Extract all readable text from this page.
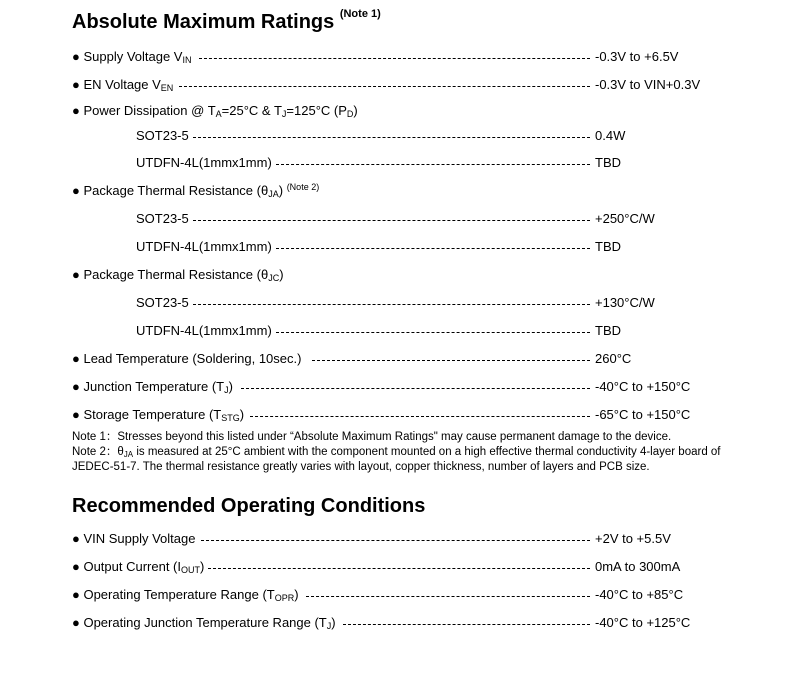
Absolute Maximum Ratings $^{(Note 1)}$
● Supply Voltage $V_{IN}$	-0.3V to +6.5V
● EN Voltage $V_{EN}$	-0.3V to VIN+0.3V
● Power Dissipation @ $T_A=25^\circ C$ & $T_J=125^\circ C$ $(P_D)$
SOT23-5	0.4W
UTDFN-4L(1mmx1mm)	TBD
● Package Thermal Resistance $(\theta_{JA})$ $^{(Note 2)}$
SOT23-5	+250°C/W
UTDFN-4L(1mmx1mm)	TBD
● Package Thermal Resistance $(\theta_{JC})$
SOT23-5	+130°C/W
UTDFN-4L(1mmx1mm)	TBD
● Lead Temperature (Soldering, 10sec.)	260°C
● Junction Temperature $(T_J)$	-40°C to +150°C
● Storage Temperature $(T_{STG})$	-65°C to +150°C

Note 1：Stresses beyond this listed under “Absolute Maximum Ratings" may cause permanent damage to the device.

Note 2：$\theta_{JA}$ is measured at 25°C ambient with the component mounted on a high effective thermal conductivity 4-layer board of JEDEC-51-7. The thermal resistance greatly varies with layout, copper thickness, number of layers and PCB size.

Recommended Operating Conditions
● VIN Supply Voltage	+2V to +5.5V
● Output Current $(I_{OUT})$	0mA to 300mA
● Operating Temperature Range $(T_{OPR})$	-40°C to +85°C
● Operating Junction Temperature Range $(T_J)$	-40°C to +125°C
